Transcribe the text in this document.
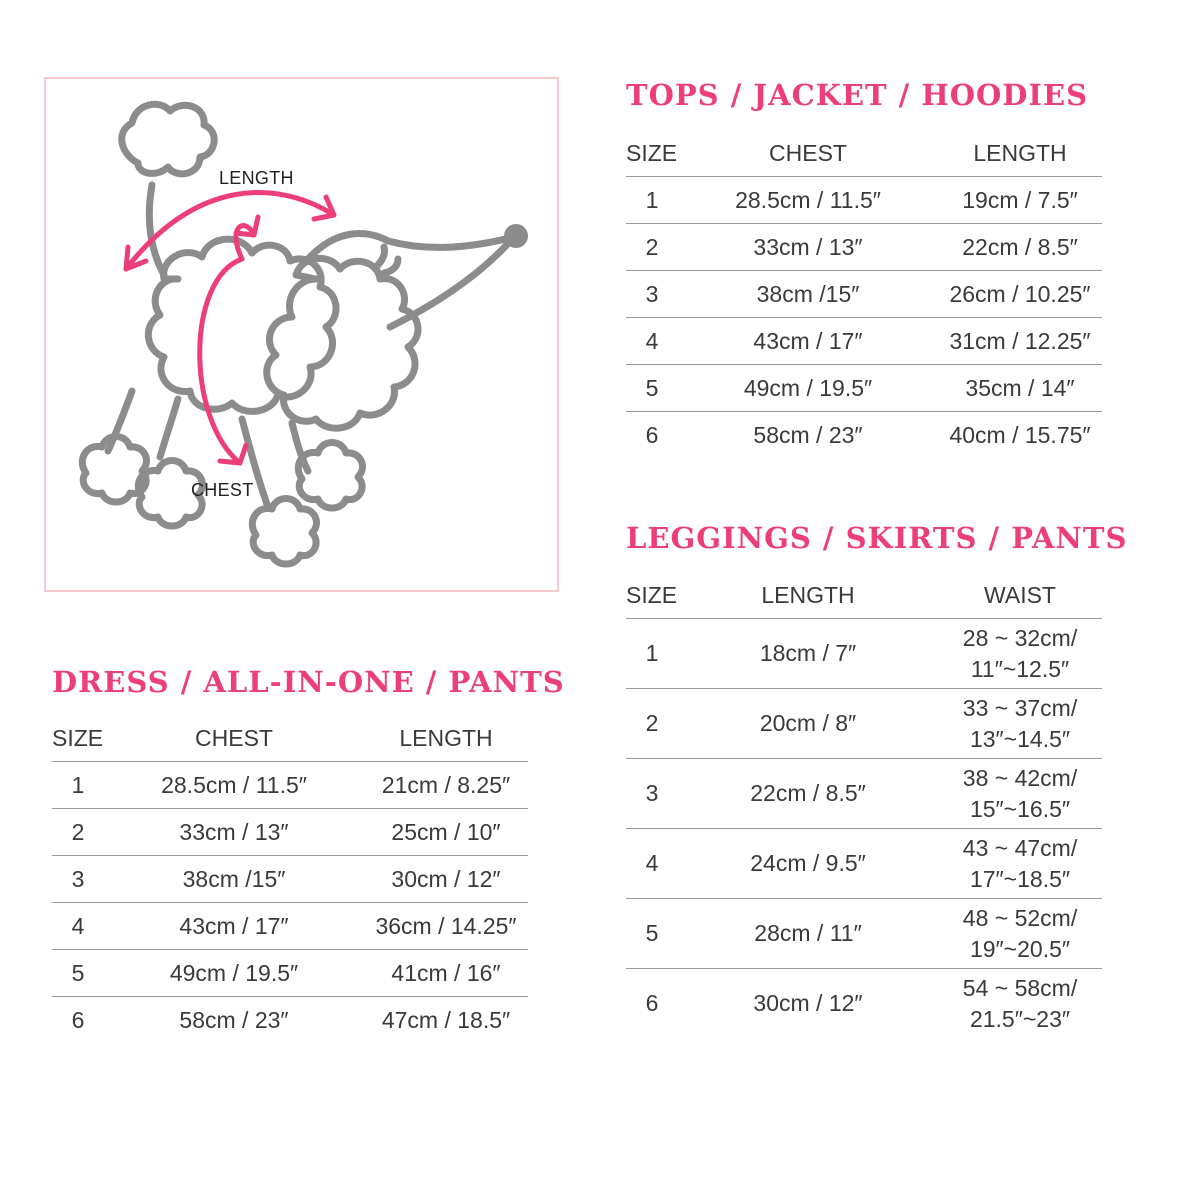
LENGTH
CHEST
TOPS / JACKET / HOODIES
SIZE	CHEST	LENGTH
1	28.5cm / 11.5″	19cm / 7.5″
2	33cm / 13″	22cm / 8.5″
3	38cm /15″	26cm / 10.25″
4	43cm / 17″	31cm / 12.25″
5	49cm / 19.5″	35cm / 14″
6	58cm / 23″	40cm / 15.75″
LEGGINGS / SKIRTS / PANTS
SIZE	LENGTH	WAIST
1	18cm / 7″	28 ~ 32cm/
11″~12.5″

2	20cm / 8″	33 ~ 37cm/
13″~14.5″

3	22cm / 8.5″	38 ~ 42cm/
15″~16.5″

4	24cm / 9.5″	43 ~ 47cm/
17″~18.5″

5	28cm / 11″	48 ~ 52cm/
19″~20.5″

6	30cm / 12″	54 ~ 58cm/
21.5″~23″
DRESS / ALL-IN-ONE / PANTS
SIZE	CHEST	LENGTH
1	28.5cm / 11.5″	21cm / 8.25″
2	33cm / 13″	25cm / 10″
3	38cm /15″	30cm / 12″
4	43cm / 17″	36cm / 14.25″
5	49cm / 19.5″	41cm / 16″
6	58cm / 23″	47cm / 18.5″
